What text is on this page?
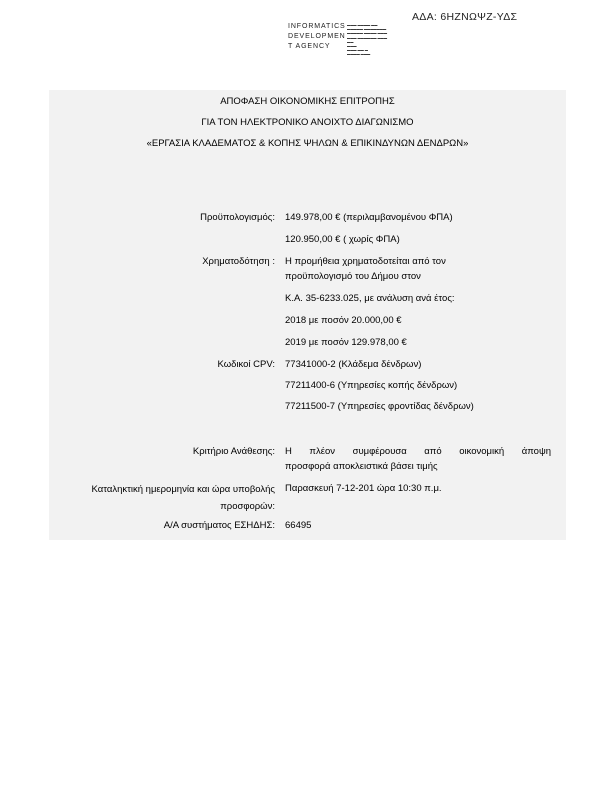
ΑΔΑ: 6ΗΖΝΩΨΖ-ΥΔΣ
INFORMATICS
DEVELOPMEN
T AGENCY
▬▬▬ ▬▬▬▬ ▬▬
▬▬▬▬▬ ▬▬▬▬▬▬▬
▬▬▬▬▬ ▬▬▬▬ ▬▬▬
▬▬▬ ▬▬▬▬▬▬ ▬▬▬
▬▬
▬▬▬
▬▬▬ ▬▬ ▬
▬▬▬▬ ▬▬▬
ΑΠΟΦΑΣΗ ΟΙΚΟΝΟΜΙΚΗΣ ΕΠΙΤΡΟΠΗΣ
ΓΙΑ ΤΟΝ ΗΛΕΚΤΡΟΝΙΚΟ ΑΝΟΙΧΤΟ ΔΙΑΓΩΝΙΣΜΟ
«ΕΡΓΑΣΙΑ ΚΛΑΔΕΜΑΤΟΣ & ΚΟΠΗΣ ΨΗΛΩΝ & ΕΠΙΚΙΝΔΥΝΩΝ ΔΕΝΔΡΩΝ»
Προϋπολογισμός: 149.978,00 € (περιλαμβανομένου ΦΠΑ)
120.950,00 € ( χωρίς ΦΠΑ)
Χρηματοδότηση : Η προμήθεια χρηματοδοτείται από τον
προϋπολογισμό του Δήμου στον
Κ.Α. 35-6233.025, με ανάλυση ανά έτος:
2018 με ποσόν 20.000,00 €
2019 με ποσόν 129.978,00 €
Κωδικοί CPV: 77341000-2 (Κλάδεμα δένδρων)
77211400-6 (Υπηρεσίες κοπής δένδρων)
77211500-7 (Υπηρεσίες φροντίδας δένδρων)
Κριτήριο Ανάθεσης: Η πλέον συμφέρουσα από οικονομική άποψη
προσφορά αποκλειστικά βάσει τιμής
Καταληκτική ημερομηνία και ώρα υποβολής προσφορών:
Παρασκευή 7-12-201 ώρα 10:30 π.μ.
Α/Α συστήματος ΕΣΗΔΗΣ: 66495
